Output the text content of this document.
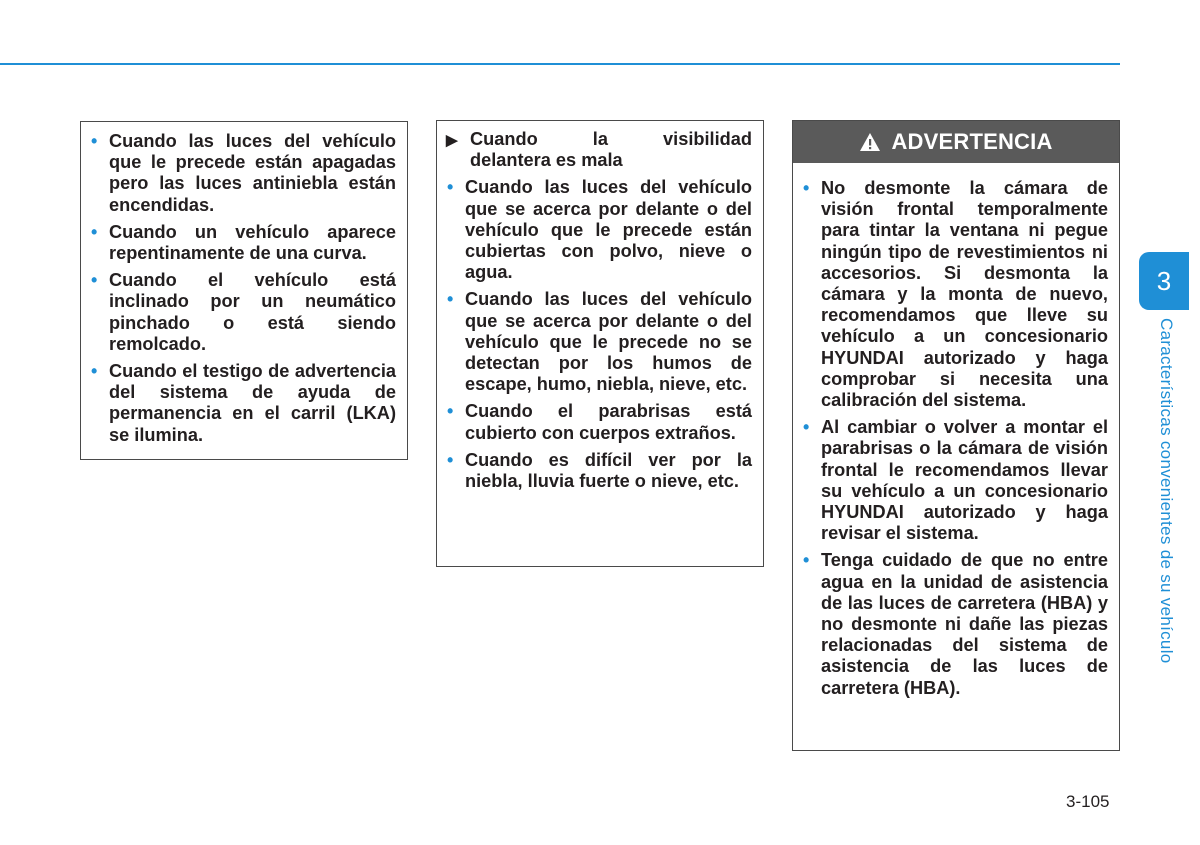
• Cuando las luces del vehículo que le precede están apagadas pero las luces antiniebla están encendidas.
• Cuando un vehículo aparece repentinamente de una curva.
• Cuando el vehículo está inclinado por un neumático pinchado o está siendo remolcado.
• Cuando el testigo de advertencia del sistema de ayuda de permanencia en el carril (LKA) se ilumina.
▶ Cuando la visibilidad
delantera es mala
• Cuando las luces del vehículo que se acerca por delante o del vehículo que le precede están cubiertas con polvo, nieve o agua.
• Cuando las luces del vehículo que se acerca por delante o del vehículo que le precede no se detectan por los humos de escape, humo, niebla, nieve, etc.
• Cuando el parabrisas está cubierto con cuerpos extraños.
• Cuando es difícil ver por la niebla, lluvia fuerte o nieve, etc.
ADVERTENCIA
• No desmonte la cámara de visión frontal temporalmente para tintar la ventana ni pegue ningún tipo de revestimientos ni accesorios. Si desmonta la cámara y la monta de nuevo, recomendamos que lleve su vehículo a un concesionario HYUNDAI autorizado y haga comprobar si necesita una calibración del sistema.
• Al cambiar o volver a montar el parabrisas o la cámara de visión frontal le recomendamos llevar su vehículo a un concesionario HYUNDAI autorizado y haga revisar el sistema.
• Tenga cuidado de que no entre agua en la unidad de asistencia de las luces de carretera (HBA) y no desmonte ni dañe las piezas relacionadas del sistema de asistencia de las luces de carretera (HBA).
3
Características convenientes de su vehículo
3-105
